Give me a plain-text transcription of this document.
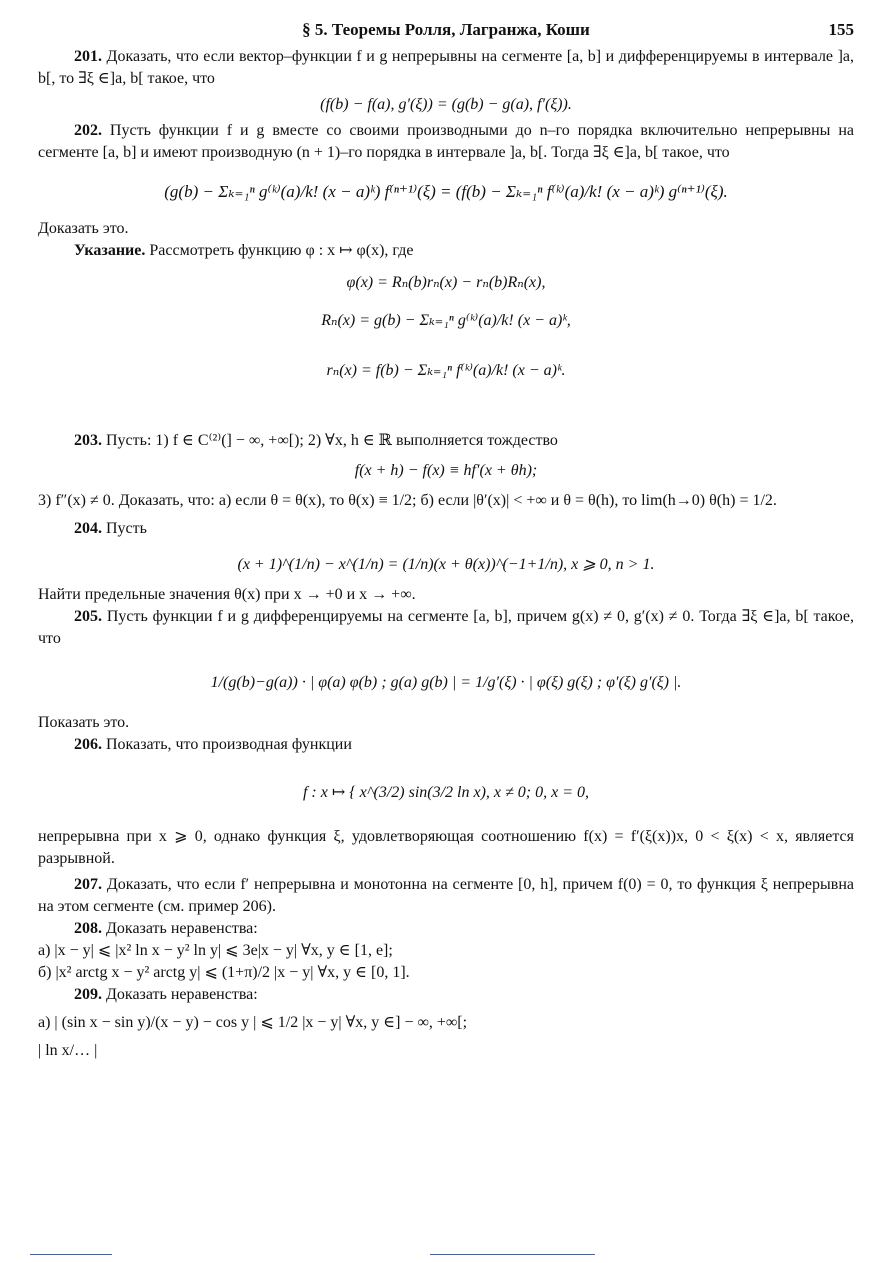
§ 5. Теоремы Ролля, Лагранжа, Коши	155

201. Доказать, что если вектор–функции f и g непрерывны на сегменте [a, b] и дифференцируемы в интервале ]a, b[, то ∃ξ ∈]a, b[ такое, что

(f(b) − f(a), g′(ξ)) = (g(b) − g(a), f′(ξ)).

202. Пусть функции f и g вместе со своими производными до n–го порядка включительно непрерывны на сегменте [a, b] и имеют производную (n + 1)–го порядка в интервале ]a, b[. Тогда ∃ξ ∈]a, b[ такое, что

(g(b) − Σₖ₌₁ⁿ g⁽ᵏ⁾(a)/k! (x − a)ᵏ) f⁽ⁿ⁺¹⁾(ξ) = (f(b) − Σₖ₌₁ⁿ f⁽ᵏ⁾(a)/k! (x − a)ᵏ) g⁽ⁿ⁺¹⁾(ξ).

Доказать это.

Указание. Рассмотреть функцию φ : x ↦ φ(x), где

φ(x) = Rₙ(b)rₙ(x) − rₙ(b)Rₙ(x),
Rₙ(x) = g(b) − Σₖ₌₁ⁿ g⁽ᵏ⁾(a)/k! (x − a)ᵏ,
rₙ(x) = f(b) − Σₖ₌₁ⁿ f⁽ᵏ⁾(a)/k! (x − a)ᵏ.

203. Пусть: 1) f ∈ C⁽²⁾(] − ∞, +∞[); 2) ∀x, h ∈ ℝ выполняется тождество

f(x + h) − f(x) ≡ hf′(x + θh);

3) f″(x) ≠ 0. Доказать, что: а) если θ = θ(x), то θ(x) ≡ 1/2; б) если |θ′(x)| < +∞ и θ = θ(h), то lim(h→0) θ(h) = 1/2.

204. Пусть

(x + 1)^(1/n) − x^(1/n) = (1/n)(x + θ(x))^(−1+1/n), x ⩾ 0, n > 1.

Найти предельные значения θ(x) при x → +0 и x → +∞.

205. Пусть функции f и g дифференцируемы на сегменте [a, b], причем g(x) ≠ 0, g′(x) ≠ 0. Тогда ∃ξ ∈]a, b[ такое, что

1/(g(b)−g(a)) · | φ(a) φ(b) ; g(a) g(b) | = 1/g′(ξ) · | φ(ξ) g(ξ) ; φ′(ξ) g′(ξ) |.

Показать это.

206. Показать, что производная функции

f : x ↦ { x^(3/2) sin(3/2 ln x), x ≠ 0; 0, x = 0,

непрерывна при x ⩾ 0, однако функция ξ, удовлетворяющая соотношению f(x) = f′(ξ(x))x, 0 < ξ(x) < x, является разрывной.

207. Доказать, что если f′ непрерывна и монотонна на сегменте [0, h], причем f(0) = 0, то функция ξ непрерывна на этом сегменте (см. пример 206).

208. Доказать неравенства:

а) |x − y| ⩽ |x² ln x − y² ln y| ⩽ 3e|x − y| ∀x, y ∈ [1, e];

б) |x² arctg x − y² arctg y| ⩽ (1+π)/2 |x − y| ∀x, y ∈ [0, 1].

209. Доказать неравенства:

а) | (sin x − sin y)/(x − y) − cos y | ⩽ 1/2 |x − y| ∀x, y ∈] − ∞, +∞[;

| ln x/… |
